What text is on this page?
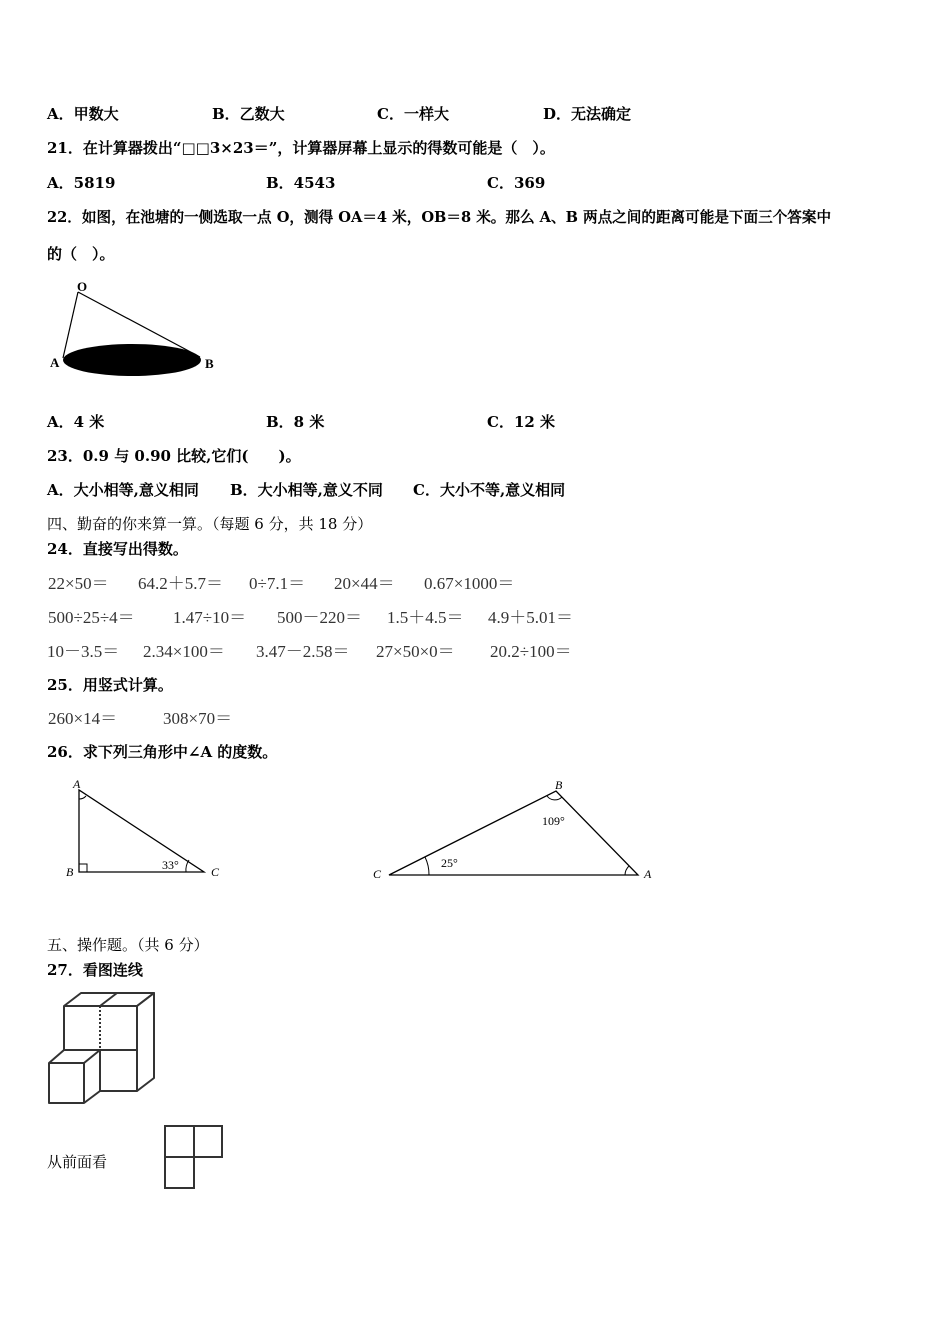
A．甲数大	B．乙数大	C．一样大	D．无法确定
21．在计算器拨出“□□3×23＝”，计算器屏幕上显示的得数可能是（　）。
A．5819	B．4543	C．369
22．如图，在池塘的一侧选取一点 O，测得 OA＝4 米，OB＝8 米。那么 A、B 两点之间的距离可能是下面三个答案中
的（　）。
O
A	B
A．4 米	B．8 米	C．12 米
23．0.9 与 0.90 比较,它们(　　)。
A．大小相等,意义相同 B．大小相等,意义不同 C．大小不等,意义相同
四、勤奋的你来算一算。（每题 6 分，共 18 分）
24．直接写出得数。
22×50＝ 64.2＋5.7＝ 0÷7.1＝ 20×44＝ 0.67×1000＝
500÷25÷4＝ 1.47÷10＝ 500－220＝ 1.5＋4.5＝ 4.9＋5.01＝
10－3.5＝ 2.34×100＝ 3.47－2.58＝ 27×50×0＝ 20.2÷100＝
25．用竖式计算。
260×14＝	308×70＝
26．求下列三角形中∠A 的度数。
A
B	C
33°
B
C	A
109°
25°
五、操作题。（共 6 分）
27．看图连线
从前面看
